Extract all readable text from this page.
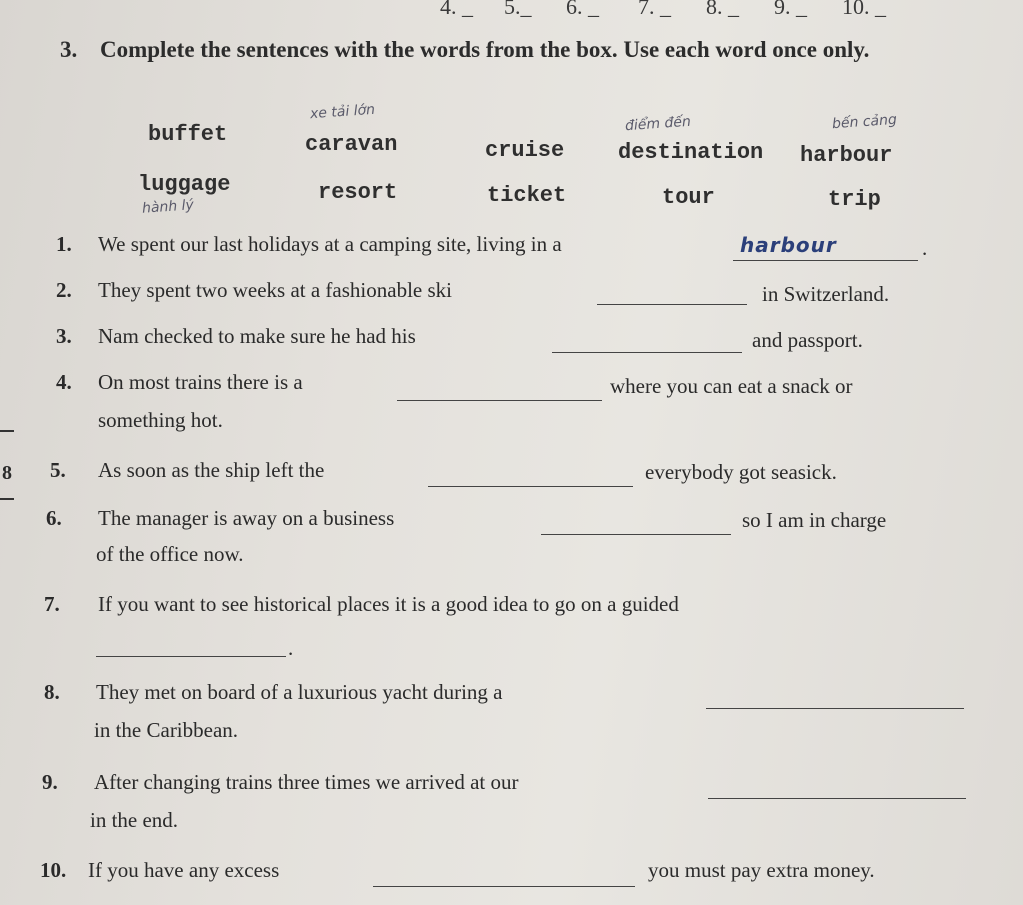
4. _ 5._ 6. _ 7. _ 8. _ 9. _ 10. _
3. Complete the sentences with the words from the box. Use each word once only.
buffet	caravan	cruise destination harbour
luggage	resort	ticket	tour	trip
xe tải lớn
điểm đến	bến cảng
hành lý
8
1. We spent our last holidays at a camping site, living in a	harbour	.
2. They spent two weeks at a fashionable ski	in Switzerland.
3. Nam checked to make sure he had his	and passport.
4. On most trains there is a	where you can eat a snack or
something hot.
5. As soon as the ship left the	everybody got seasick.
6. The manager is away on a business	so I am in charge
of the office now.
7. If you want to see historical places it is a good idea to go on a guided
.
8. They met on board of a luxurious yacht during a
in the Caribbean.
9. After changing trains three times we arrived at our
in the end.
10. If you have any excess	you must pay extra money.
